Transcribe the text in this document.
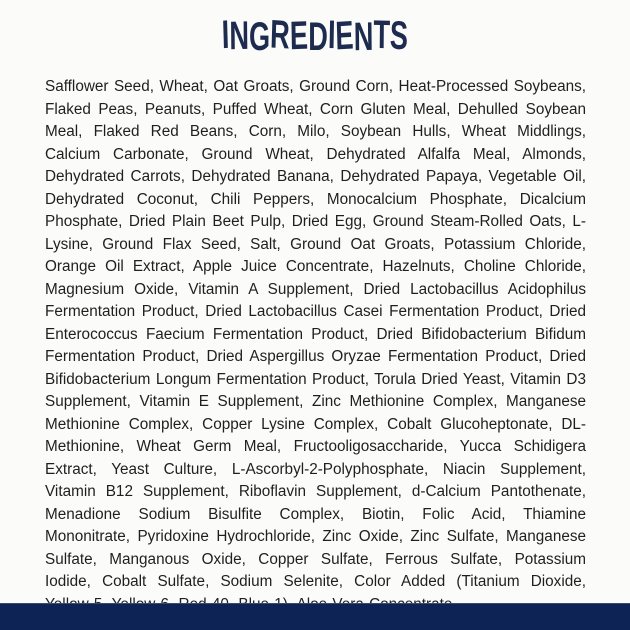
INGREDIENTS

Safflower Seed, Wheat, Oat Groats, Ground Corn, Heat-Processed Soybeans, Flaked Peas, Peanuts, Puffed Wheat, Corn Gluten Meal, Dehulled Soybean Meal, Flaked Red Beans, Corn, Milo, Soybean Hulls, Wheat Middlings, Calcium Carbonate, Ground Wheat, Dehydrated Alfalfa Meal, Almonds, Dehydrated Carrots, Dehydrated Banana, Dehydrated Papaya, Vegetable Oil, Dehydrated Coconut, Chili Peppers, Monocalcium Phosphate, Dicalcium Phosphate, Dried Plain Beet Pulp, Dried Egg, Ground Steam-Rolled Oats, L-Lysine, Ground Flax Seed, Salt, Ground Oat Groats, Potassium Chloride, Orange Oil Extract, Apple Juice Concentrate, Hazelnuts, Choline Chloride, Magnesium Oxide, Vitamin A Supplement, Dried Lactobacillus Acidophilus Fermentation Product, Dried Lactobacillus Casei Fermentation Product, Dried Enterococcus Faecium Fermentation Product, Dried Bifidobacterium Bifidum Fermentation Product, Dried Aspergillus Oryzae Fermentation Product, Dried Bifidobacterium Longum Fermentation Product, Torula Dried Yeast, Vitamin D3 Supplement, Vitamin E Supplement, Zinc Methionine Complex, Manganese Methionine Complex, Copper Lysine Complex, Cobalt Glucoheptonate, DL-Methionine, Wheat Germ Meal, Fructooligosaccharide, Yucca Schidigera Extract, Yeast Culture, L-Ascorbyl-2-Polyphosphate, Niacin Supplement, Vitamin B12 Supplement, Riboflavin Supplement, d-Calcium Pantothenate, Menadione Sodium Bisulfite Complex, Biotin, Folic Acid, Thiamine Mononitrate, Pyridoxine Hydrochloride, Zinc Oxide, Zinc Sulfate, Manganese Sulfate, Manganous Oxide, Copper Sulfate, Ferrous Sulfate, Potassium Iodide, Cobalt Sulfate, Sodium Selenite, Color Added (Titanium Dioxide,
